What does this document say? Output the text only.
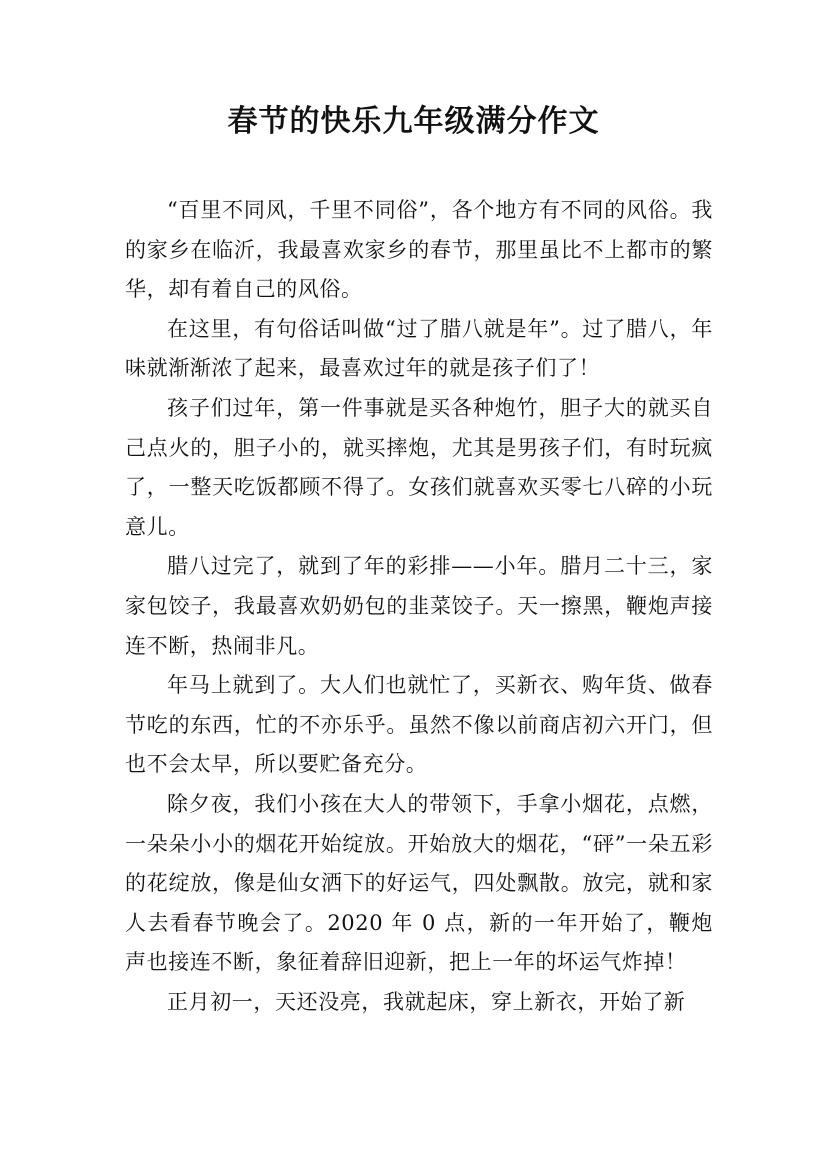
春节的快乐九年级满分作文

“百里不同风，千里不同俗”，各个地方有不同的风俗。我的家乡在临沂，我最喜欢家乡的春节，那里虽比不上都市的繁华，却有着自己的风俗。

在这里，有句俗话叫做“过了腊八就是年”。过了腊八，年味就渐渐浓了起来，最喜欢过年的就是孩子们了！

孩子们过年，第一件事就是买各种炮竹，胆子大的就买自己点火的，胆子小的，就买摔炮，尤其是男孩子们，有时玩疯了，一整天吃饭都顾不得了。女孩们就喜欢买零七八碎的小玩意儿。

腊八过完了，就到了年的彩排——小年。腊月二十三，家家包饺子，我最喜欢奶奶包的韭菜饺子。天一擦黑，鞭炮声接连不断，热闹非凡。

年马上就到了。大人们也就忙了，买新衣、购年货、做春节吃的东西，忙的不亦乐乎。虽然不像以前商店初六开门，但也不会太早，所以要贮备充分。

除夕夜，我们小孩在大人的带领下，手拿小烟花，点燃，一朵朵小小的烟花开始绽放。开始放大的烟花，“砰”一朵五彩的花绽放，像是仙女洒下的好运气，四处飘散。放完，就和家人去看春节晚会了。2020 年 0 点，新的一年开始了，鞭炮声也接连不断，象征着辞旧迎新，把上一年的坏运气炸掉！

正月初一，天还没亮，我就起床，穿上新衣，开始了新
